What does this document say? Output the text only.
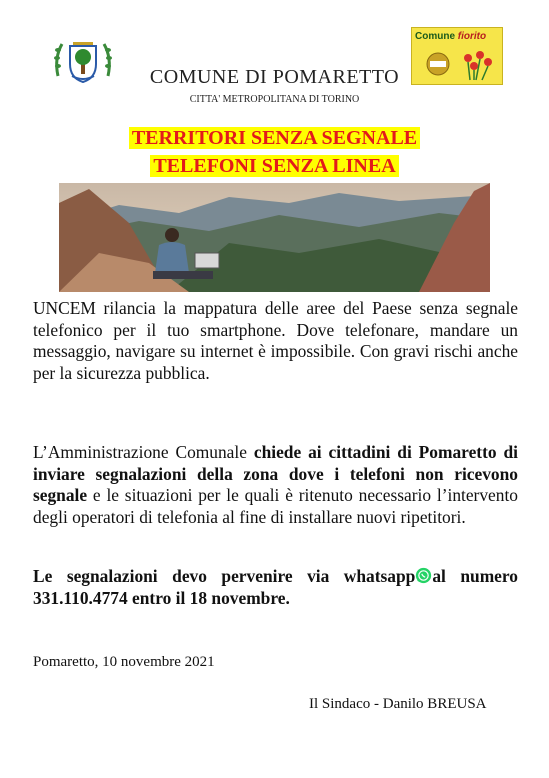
Comune fiorito
COMUNE DI POMARETTO
CITTA' METROPOLITANA DI TORINO
TERRITORI SENZA SEGNALE
TELEFONI SENZA LINEA

UNCEM rilancia la mappatura delle aree del Paese senza segnale telefonico per il tuo smartphone. Dove telefonare, mandare un messaggio, navigare su internet è impossibile. Con gravi rischi anche per la sicurezza pubblica.

L’Amministrazione Comunale chiede ai cittadini di Pomaretto di inviare segnalazioni della zona dove i telefoni non ricevono segnale e le situazioni per le quali è ritenuto necessario l’intervento degli operatori di telefonia al fine di installare nuovi ripetitori.

Le segnalazioni devo pervenire via whatsapp al numero 331.110.4774 entro il 18 novembre.

Pomaretto, 10 novembre 2021
Il Sindaco - Danilo BREUSA
